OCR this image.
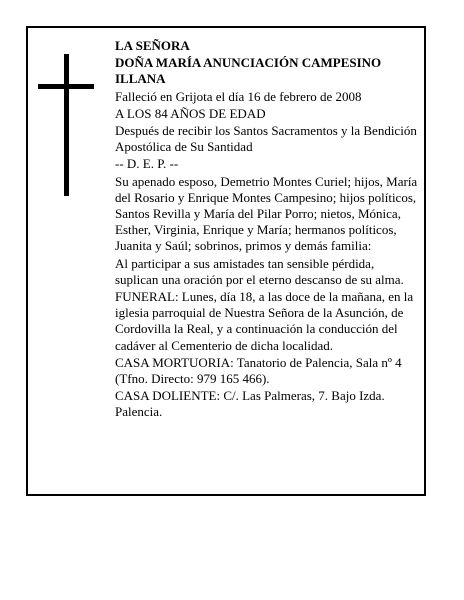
LA SEÑORA

DOÑA MARÍA ANUNCIACIÓN CAMPESINO ILLANA

Falleció en Grijota el día 16 de febrero de 2008

A LOS 84 AÑOS DE EDAD

Después de recibir los Santos Sacramentos y la Bendición Apostólica de Su Santidad

-- D. E. P. --

Su apenado esposo, Demetrio Montes Curiel; hijos, María del Rosario y Enrique Montes Campesino; hijos políticos, Santos Revilla y María del Pilar Porro; nietos, Mónica, Esther, Virginia, Enrique y María; hermanos políticos, Juanita y Saúl; sobrinos, primos y demás familia:

Al participar a sus amistades tan sensible pérdida, suplican una oración por el eterno descanso de su alma.

FUNERAL: Lunes, día 18, a las doce de la mañana, en la iglesia parroquial de Nuestra Señora de la Asunción, de Cordovilla la Real, y a continuación la conducción del cadáver al Cementerio de dicha localidad.

CASA MORTUORIA: Tanatorio de Palencia, Sala nº 4 (Tfno. Directo: 979 165 466).

CASA DOLIENTE: C/. Las Palmeras, 7. Bajo Izda. Palencia.
